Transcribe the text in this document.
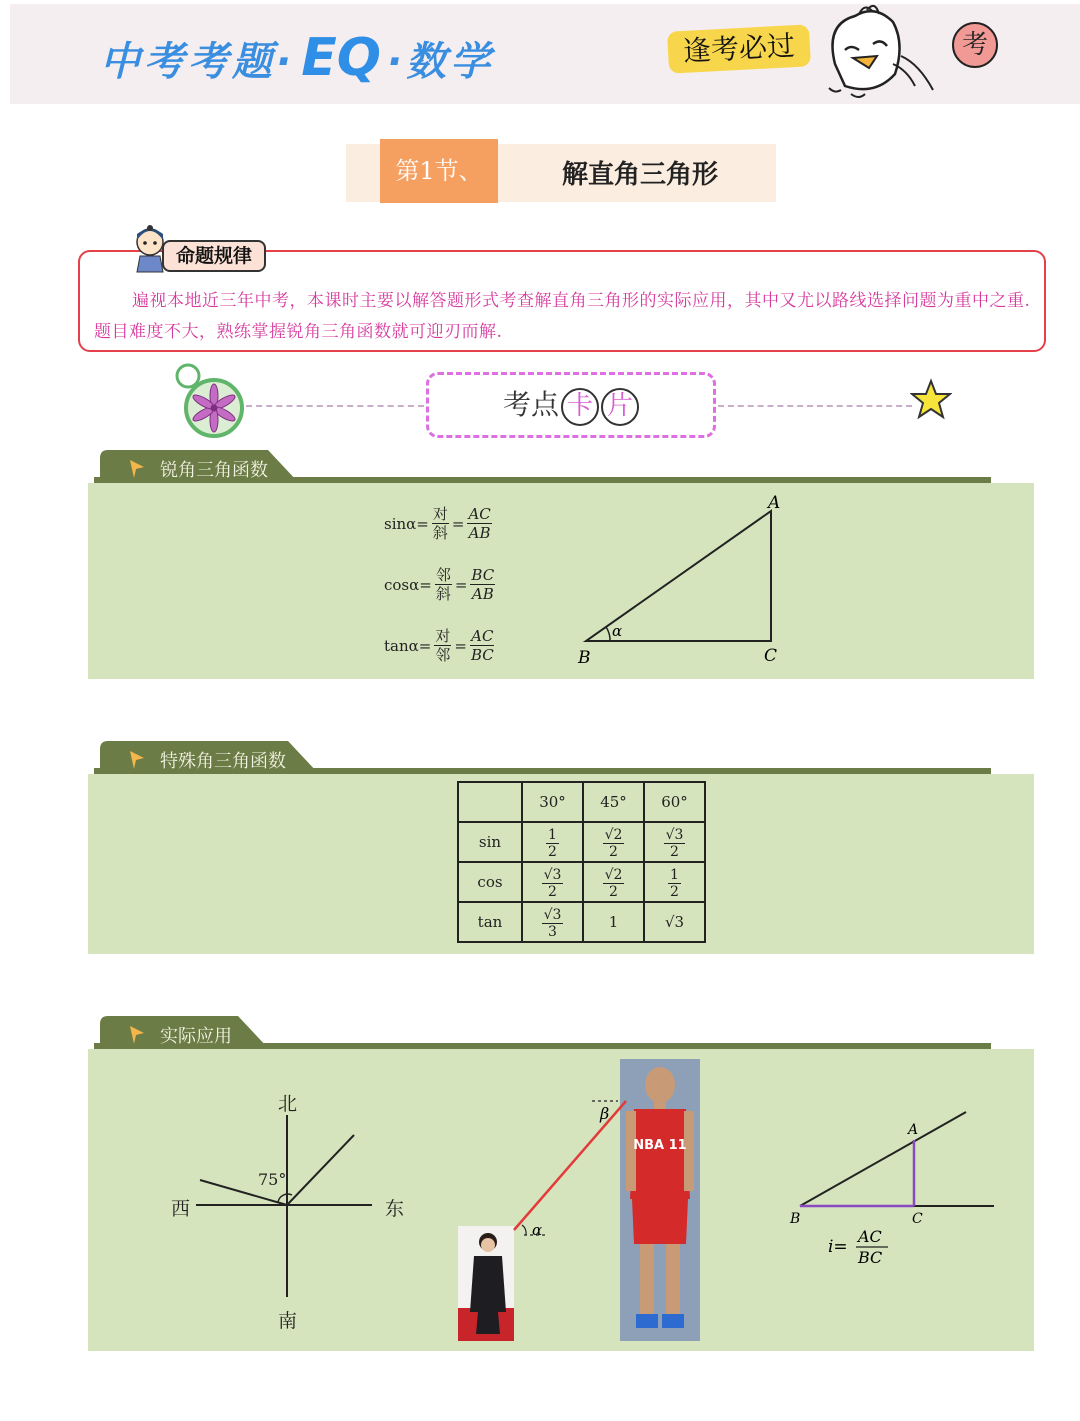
中考考题· EQ ·数学	逢考必过	考
第1节、	解直角三角形
命题规律
遍视本地近三年中考，本课时主要以解答题形式考查解直角三角形的实际应用，其中又尤以路线选择问题为重中之重. 题目难度不大，熟练掌握锐角三角函数就可迎刃而解.
考点 卡 片
锐角三角函数
$\sin\alpha= \frac{\text{对}}{\text{斜}} = \frac{AC}{AB}$
$\cos\alpha= \frac{\text{邻}}{\text{斜}} = \frac{BC}{AB}$
$\tan\alpha= \frac{\text{对}}{\text{邻}} = \frac{AC}{BC}$
A
B	C
α
特殊角三角函数
	30°	45°	60°
sin	$\frac{1}{2}$	$\frac{√2}{2}$	$\frac{√3}{2}$

cos	$\frac{√3}{2}$	$\frac{√2}{2}$	$\frac{1}{2}$

tan	$\frac{√3}{3}$	1	√3
实际应用
北
南
西	东
75°
NBA 11
β
α
A
B	C
i=
AC
BC
